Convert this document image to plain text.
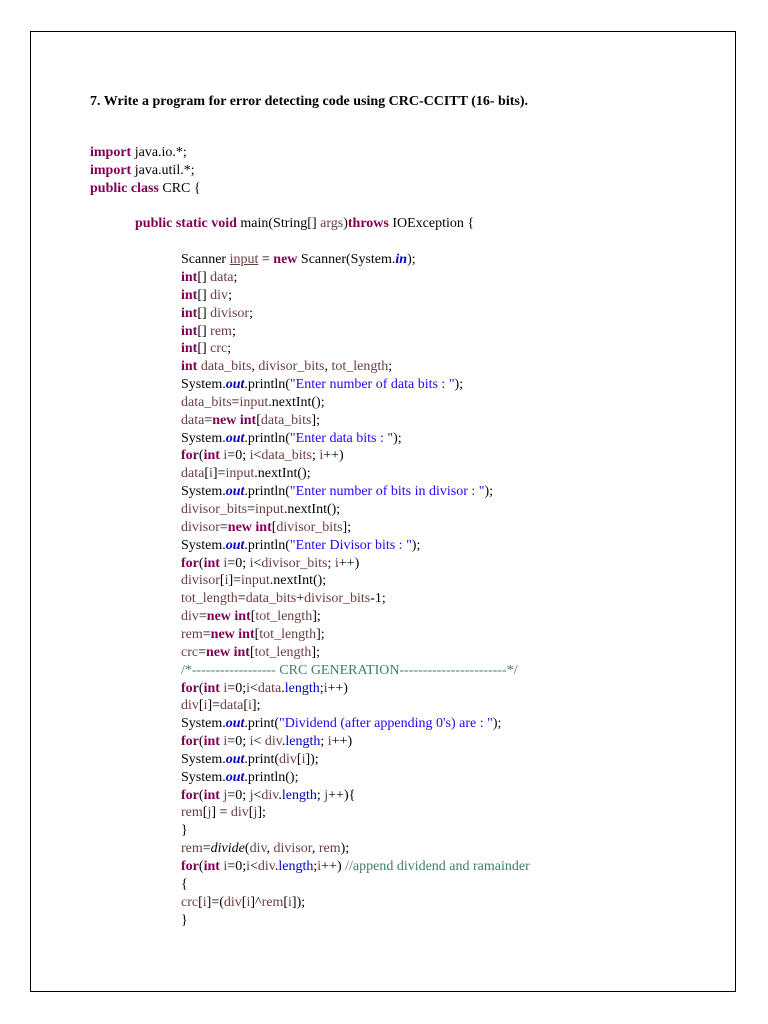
7. Write a program for error detecting code using CRC-CCITT (16- bits).
import java.io.*;
import java.util.*;
public class CRC {
public static void main(String[] args)throws IOException {
Scanner input = new Scanner(System.in);
int[] data;
int[] div;
int[] divisor;
int[] rem;
int[] crc;
int data_bits, divisor_bits, tot_length;
System.out.println("Enter number of data bits : ");
data_bits=input.nextInt();
data=new int[data_bits];
System.out.println("Enter data bits : ");
for(int i=0; i<data_bits; i++)
data[i]=input.nextInt();
System.out.println("Enter number of bits in divisor : ");
divisor_bits=input.nextInt();
divisor=new int[divisor_bits];
System.out.println("Enter Divisor bits : ");
for(int i=0; i<divisor_bits; i++)
divisor[i]=input.nextInt();
tot_length=data_bits+divisor_bits-1;
div=new int[tot_length];
rem=new int[tot_length];
crc=new int[tot_length];
/*------------------ CRC GENERATION-----------------------*/
for(int i=0;i<data.length;i++)
div[i]=data[i];
System.out.print("Dividend (after appending 0's) are : ");
for(int i=0; i< div.length; i++)
System.out.print(div[i]);
System.out.println();
for(int j=0; j<div.length; j++){
rem[j] = div[j];
}
rem=divide(div, divisor, rem);
for(int i=0;i<div.length;i++) //append dividend and ramainder
{
crc[i]=(div[i]^rem[i]);
}
